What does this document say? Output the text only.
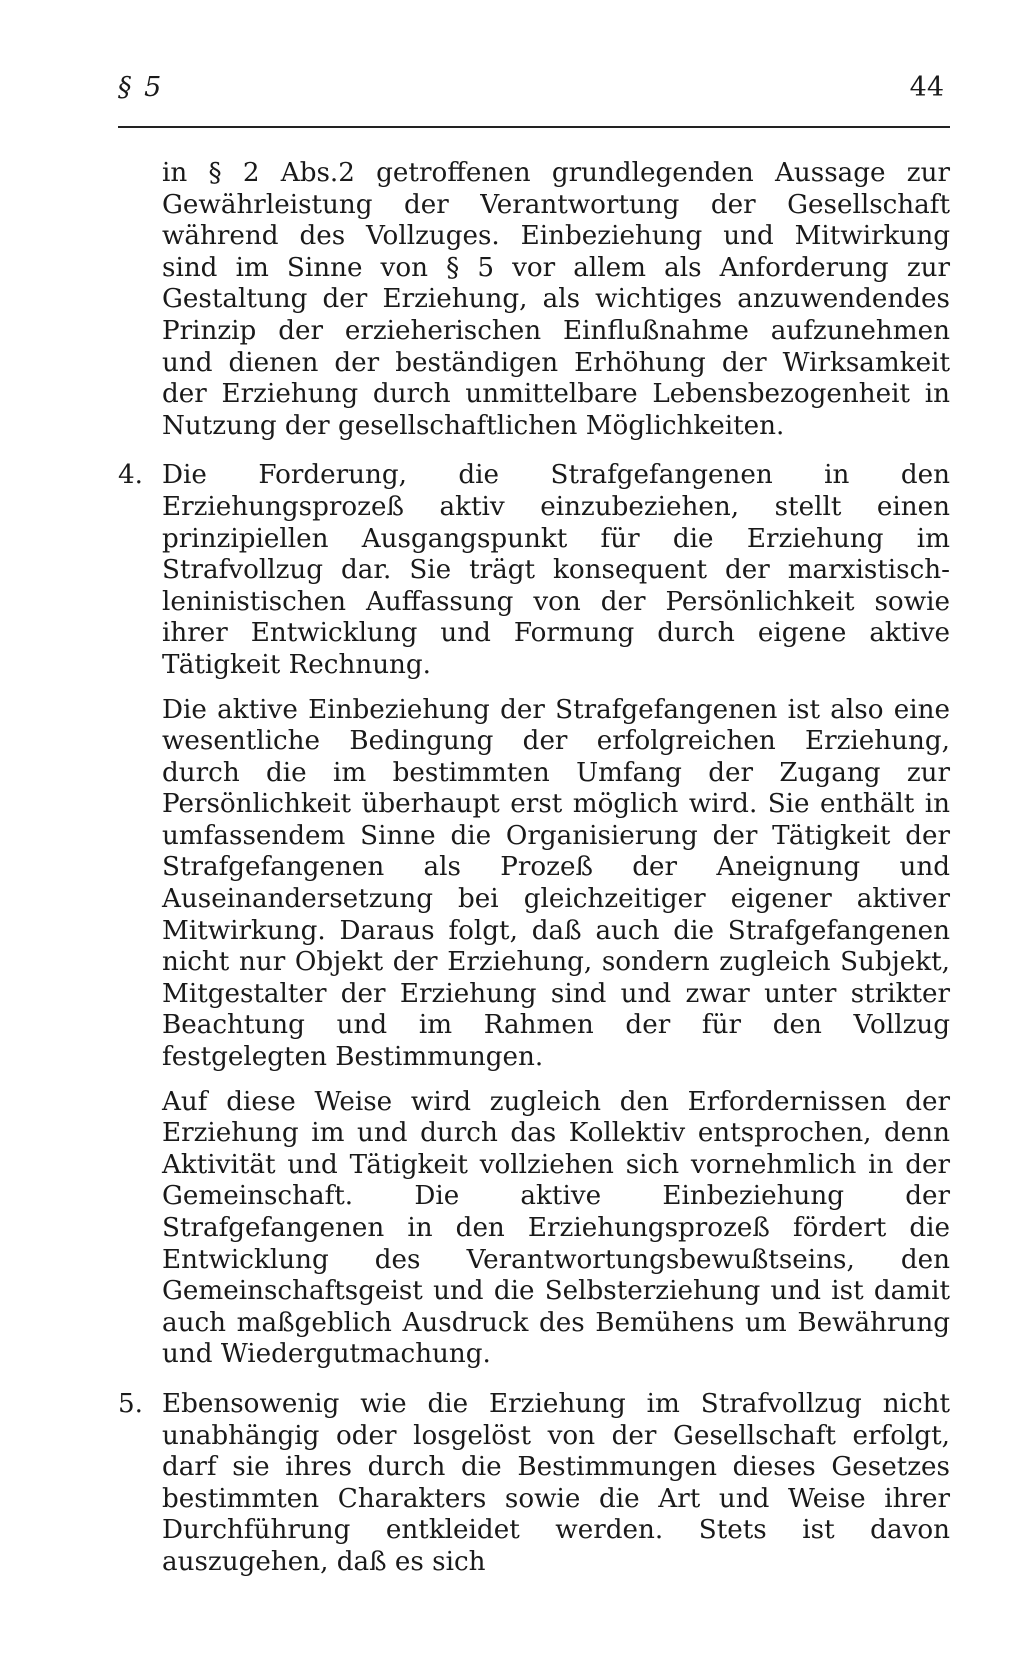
§ 5	44

in § 2 Abs.2 getroffenen grundlegenden Aussage zur Gewährleistung der Verantwortung der Gesellschaft während des Vollzuges. Einbeziehung und Mitwirkung sind im Sinne von § 5 vor allem als Anforderung zur Gestaltung der Erziehung, als wichtiges anzuwendendes Prinzip der erzieherischen Einflußnahme aufzunehmen und dienen der beständigen Erhöhung der Wirksamkeit der Erziehung durch unmittelbare Lebensbezogenheit in Nutzung der gesellschaftlichen Möglichkeiten.

4. Die Forderung, die Strafgefangenen in den Erziehungsprozeß aktiv einzubeziehen, stellt einen prinzipiellen Ausgangspunkt für die Erziehung im Strafvollzug dar. Sie trägt konsequent der marxistisch-leninistischen Auffassung von der Persönlichkeit sowie ihrer Entwicklung und Formung durch eigene aktive Tätigkeit Rechnung.

Die aktive Einbeziehung der Strafgefangenen ist also eine wesentliche Bedingung der erfolgreichen Erziehung, durch die im bestimmten Umfang der Zugang zur Persönlichkeit überhaupt erst möglich wird. Sie enthält in umfassendem Sinne die Organisierung der Tätigkeit der Strafgefangenen als Prozeß der Aneignung und Auseinandersetzung bei gleichzeitiger eigener aktiver Mitwirkung. Daraus folgt, daß auch die Strafgefangenen nicht nur Objekt der Erziehung, sondern zugleich Subjekt, Mitgestalter der Erziehung sind und zwar unter strikter Beachtung und im Rahmen der für den Vollzug festgelegten Bestimmungen.

Auf diese Weise wird zugleich den Erfordernissen der Erziehung im und durch das Kollektiv entsprochen, denn Aktivität und Tätigkeit vollziehen sich vornehmlich in der Gemeinschaft. Die aktive Einbeziehung der Strafgefangenen in den Erziehungsprozeß fördert die Entwicklung des Verantwortungsbewußtseins, den Gemeinschaftsgeist und die Selbsterziehung und ist damit auch maßgeblich Ausdruck des Bemühens um Bewährung und Wiedergutmachung.

5. Ebensowenig wie die Erziehung im Strafvollzug nicht unabhängig oder losgelöst von der Gesellschaft erfolgt, darf sie ihres durch die Bestimmungen dieses Gesetzes bestimmten Charakters sowie die Art und Weise ihrer Durchführung entkleidet werden. Stets ist davon auszugehen, daß es sich
